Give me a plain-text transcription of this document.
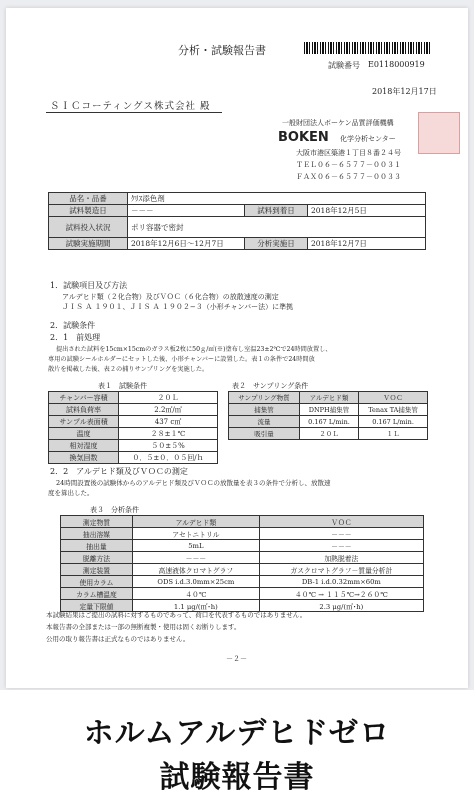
分析・試験報告書
試験番号 E0118000919
2018年12月17日
ＳＩＣコーティングス株式会社 殿
一般財団法人ボーケン品質評価機構
BOKEN 化学分析センター
大阪市港区築港１丁目８番２４号
ＴＥＬ０６－６５７７－００３１
ＦＡＸ０６－６５７７－００３３
品名・品番	ｸﾘｽ添色剤		
試料製造日	－－－	試料到着日	2018年12月5日
試料投入状況	ポリ容器で密封		
試験実施期間	2018年12月6日～12月7日	分析実施日	2018年12月7日
1．試験項目及び方法
アルデヒド類（２化合物）及びＶＯＣ（６化合物）の放散速度の測定
ＪＩＳ Ａ １９０１、ＪＩＳ Ａ １９０２−３（小形チャンバー法）に準拠
2．試験条件
2．1　前処理
提出された試料を15cm×15cmのガラス板2枚に50ｇ/㎡(※)塗布し室温23±2℃で24時間放置し、
専用の試験シールホルダーにセットした後、小形チャンバーに設置した。表１の条件で24時間放
散片を掲載した後、表２の捕りサンプリングを実施した。
表１　試験条件
チャンバー容積	２０Ｌ
試料負荷率	2.2㎡/㎥
サンプル表面積	437 c㎡
温度	２８±１℃
相対湿度	５０±５%
換気回数	０．５±０．０５回/ｈ
表２　サンプリング条件
サンプリング物質	アルデヒド類	ＶＯＣ
捕集管	DNPH捕集管	Tenax TA捕集管
流量	0.167 L/min.	0.167 L/min.
吸引量	２０Ｌ	１Ｌ
2．2　アルデヒド類及びＶＯＣの測定
24時間設置後の試験体からのアルデヒド類及びＶＯＣの放散量を表３の条件で分析し、放散速
度を算出した。
表３　分析条件
測定物質	アルデヒド類	ＶＯＣ
抽出溶媒	アセトニトリル	－－－
抽出量	5mL	－－－
脱離方法	－－－	加熱脱着法
測定装置	高速液体クロマトグラフ	ガスクロマトグラフ－質量分析計
使用カラム	ODS i.d.3.0mm×25cm	DB-1 i.d.0.32mm×60m
カラム槽温度	４０℃	４０℃ → １１５℃→２６０℃
定量下限値	1.1 μg/(㎡･h)	2.3 μg/(㎡･h)
本試験結果はご提出の試料に対するものであって、荷口を代表するものではありません。
本報告書の全部または一部の無断複製・使用は固くお断りします。
公用の取り報告書は正式なものではありません。
－２－
ホルムアルデヒドゼロ
試験報告書
